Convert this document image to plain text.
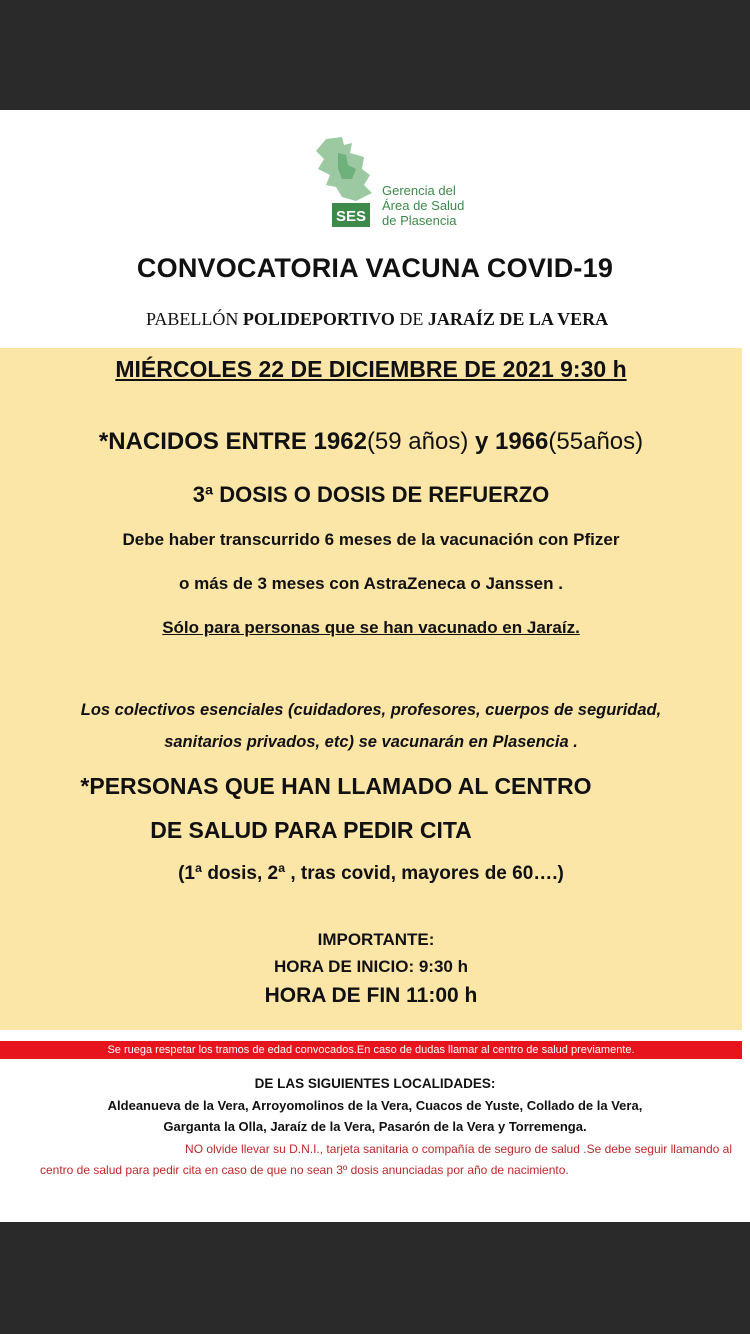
SES
Gerencia del
Área de Salud
de Plasencia
CONVOCATORIA VACUNA COVID-19
PABELLÓN POLIDEPORTIVO DE JARAÍZ DE LA VERA
MIÉRCOLES 22 DE DICIEMBRE DE 2021 9:30 h
*NACIDOS ENTRE 1962(59 años) y 1966(55años)
3ª DOSIS O DOSIS DE REFUERZO
Debe haber transcurrido 6 meses de la vacunación con Pfizer
o más de 3 meses con AstraZeneca o Janssen .
Sólo para personas que se han vacunado en Jaraíz.
Los colectivos esenciales (cuidadores, profesores, cuerpos de seguridad,
sanitarios privados, etc) se vacunarán en Plasencia .
*PERSONAS QUE HAN LLAMADO AL CENTRO
DE SALUD PARA PEDIR CITA
(1ª dosis, 2ª , tras covid, mayores de 60….)
IMPORTANTE:
HORA DE INICIO: 9:30 h
HORA DE FIN 11:00 h
Se ruega respetar los tramos de edad convocados.En caso de dudas llamar al centro de salud previamente.
DE LAS SIGUIENTES LOCALIDADES:
Aldeanueva de la Vera, Arroyomolinos de la Vera, Cuacos de Yuste, Collado de la Vera,
Garganta la Olla, Jaraíz de la Vera, Pasarón de la Vera y Torremenga.
NO olvide llevar su D.N.I., tarjeta sanitaria o compañía de seguro de salud .Se debe seguir llamando al
centro de salud para pedir cita en caso de que no sean 3º dosis anunciadas por año de nacimiento.
